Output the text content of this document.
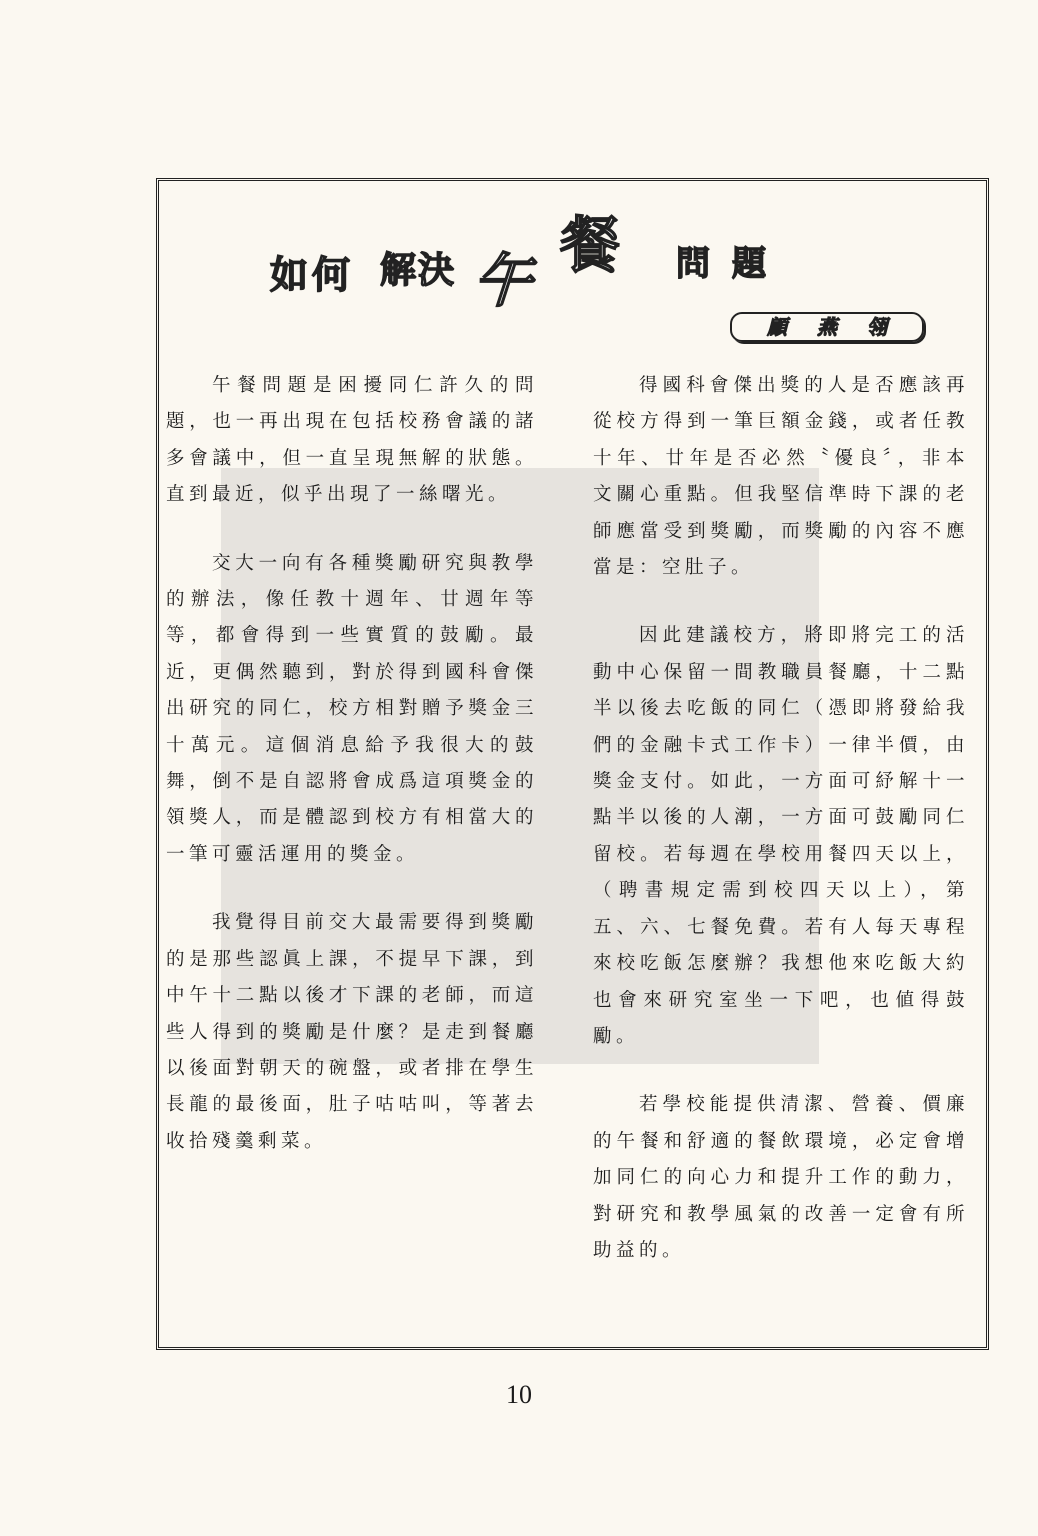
如何 解決 午 餐 問題
顧燕翎

午餐問題是困擾同仁許久的問題，也一再出現在包括校務會議的諸多會議中，但一直呈現無解的狀態。直到最近，似乎出現了一絲曙光。

交大一向有各種獎勵研究與教學的辦法，像任教十週年、廿週年等等，都會得到一些實質的鼓勵。最近，更偶然聽到，對於得到國科會傑出研究的同仁，校方相對贈予獎金三十萬元。這個消息給予我很大的鼓舞，倒不是自認將會成爲這項獎金的領獎人，而是體認到校方有相當大的一筆可靈活運用的獎金。

我覺得目前交大最需要得到獎勵的是那些認眞上課，不提早下課，到中午十二點以後才下課的老師，而這些人得到的獎勵是什麼？是走到餐廳以後面對朝天的碗盤，或者排在學生長龍的最後面，肚子咕咕叫，等著去收拾殘羹剩菜。

得國科會傑出獎的人是否應該再從校方得到一筆巨額金錢，或者任教十年、廿年是否必然〝優良〞，非本文關心重點。但我堅信準時下課的老師應當受到獎勵，而獎勵的內容不應當是：空肚子。

因此建議校方，將即將完工的活動中心保留一間教職員餐廳，十二點半以後去吃飯的同仁（憑即將發給我們的金融卡式工作卡）一律半價，由獎金支付。如此，一方面可紓解十一點半以後的人潮，一方面可鼓勵同仁留校。若每週在學校用餐四天以上，（聘書規定需到校四天以上），第五、六、七餐免費。若有人每天專程來校吃飯怎麼辦？我想他來吃飯大約也會來研究室坐一下吧，也値得鼓勵。

若學校能提供清潔、營養、價廉的午餐和舒適的餐飲環境，必定會增加同仁的向心力和提升工作的動力，對研究和教學風氣的改善一定會有所助益的。

10
